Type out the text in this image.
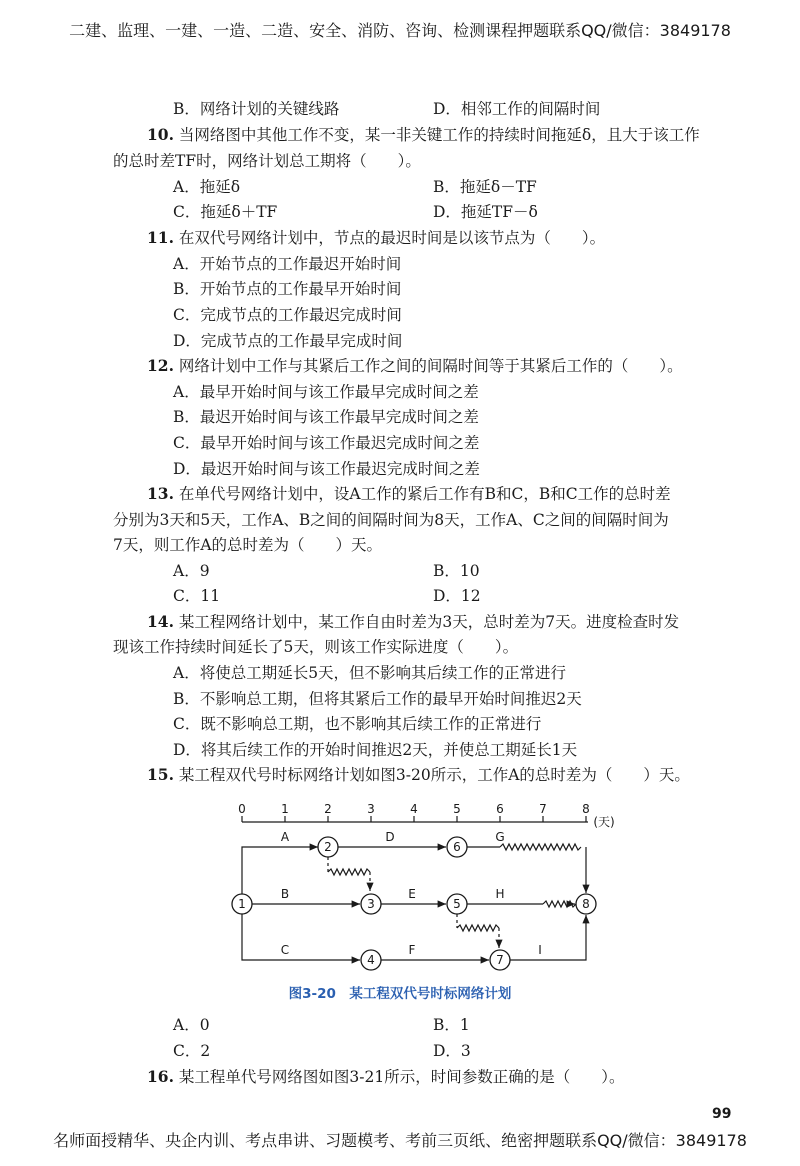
二建、监理、一建、一造、二造、安全、消防、咨询、检测课程押题联系QQ/微信：3849178
B．网络计划的关键线路	D．相邻工作的间隔时间
10. 当网络图中其他工作不变，某一非关键工作的持续时间拖延δ，且大于该工作
的总时差TF时，网络计划总工期将（　　）。
A．拖延δ	B．拖延δ－TF
C．拖延δ＋TF	D．拖延TF－δ
11. 在双代号网络计划中，节点的最迟时间是以该节点为（　　）。
A．开始节点的工作最迟开始时间
B．开始节点的工作最早开始时间
C．完成节点的工作最迟完成时间
D．完成节点的工作最早完成时间
12. 网络计划中工作与其紧后工作之间的间隔时间等于其紧后工作的（　　）。
A．最早开始时间与该工作最早完成时间之差
B．最迟开始时间与该工作最早完成时间之差
C．最早开始时间与该工作最迟完成时间之差
D．最迟开始时间与该工作最迟完成时间之差
13. 在单代号网络计划中，设A工作的紧后工作有B和C，B和C工作的总时差
分别为3天和5天，工作A、B之间的间隔时间为8天，工作A、C之间的间隔时间为
7天，则工作A的总时差为（　　）天。
A．9	B．10
C．11	D．12
14. 某工程网络计划中，某工作自由时差为3天，总时差为7天。进度检查时发
现该工作持续时间延长了5天，则该工作实际进度（　　）。
A．将使总工期延长5天，但不影响其后续工作的正常进行
B．不影响总工期，但将其紧后工作的最早开始时间推迟2天
C．既不影响总工期，也不影响其后续工作的正常进行
D．将其后续工作的开始时间推迟2天，并使总工期延长1天
15. 某工程双代号时标网络计划如图3-20所示，工作A的总时差为（　　）天。
0	1	2	3	4	5	6	7	8
(天)
1
2
3
4
5
6
7
8
A
B
C
D
E
F
G
H
I
图3-20　某工程双代号时标网络计划
A．0	B．1
C．2	D．3
16. 某工程单代号网络图如图3-21所示，时间参数正确的是（　　）。
99
名师面授精华、央企内训、考点串讲、习题模考、考前三页纸、绝密押题联系QQ/微信：3849178
